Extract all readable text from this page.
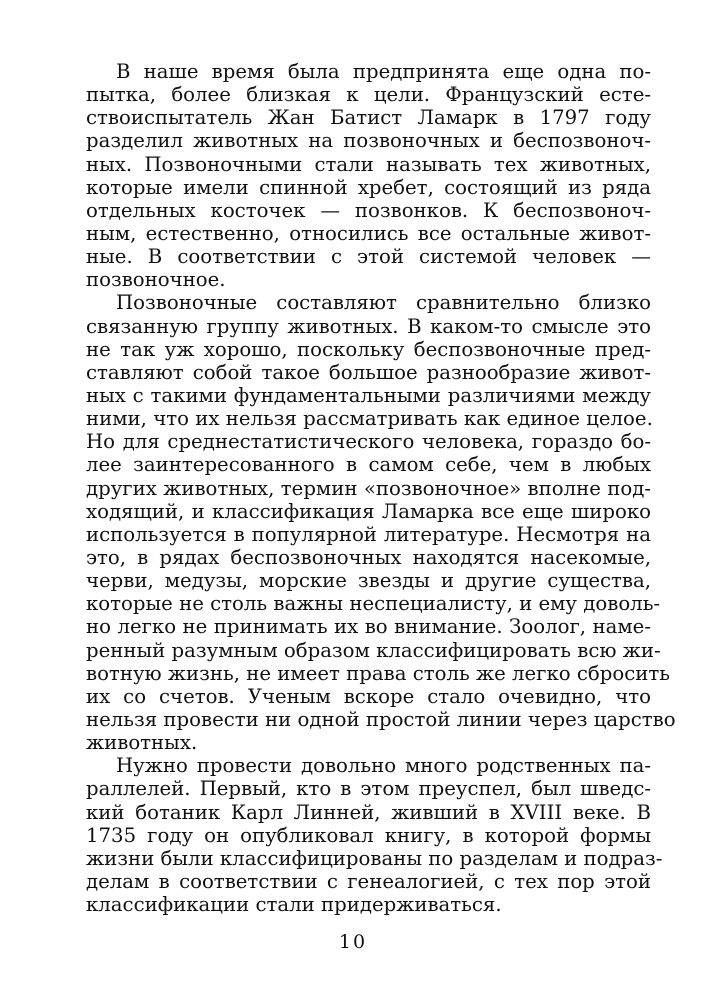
В наше время была предпринята еще одна по-
пытка, более близкая к цели. Французский есте-
ствоиспытатель Жан Батист Ламарк в 1797 году
разделил животных на позвоночных и беспозвоноч-
ных. Позвоночными стали называть тех животных,
которые имели спинной хребет, состоящий из ряда
отдельных косточек — позвонков. К беспозвоноч-
ным, естественно, относились все остальные живот-
ные. В соответствии с этой системой человек —
позвоночное.

Позвоночные составляют сравнительно близко
связанную группу животных. В каком-то смысле это
не так уж хорошо, поскольку беспозвоночные пред-
ставляют собой такое большое разнообразие живот-
ных с такими фундаментальными различиями между
ними, что их нельзя рассматривать как единое целое.
Но для среднестатистического человека, гораздо бо-
лее заинтересованного в самом себе, чем в любых
других животных, термин «позвоночное» вполне под-
ходящий, и классификация Ламарка все еще широко
используется в популярной литературе. Несмотря на
это, в рядах беспозвоночных находятся насекомые,
черви, медузы, морские звезды и другие существа,
которые не столь важны неспециалисту, и ему доволь-
но легко не принимать их во внимание. Зоолог, наме-
ренный разумным образом классифицировать всю жи-
вотную жизнь, не имеет права столь же легко сбросить
их со счетов. Ученым вскоре стало очевидно, что
нельзя провести ни одной простой линии через царство
животных.

Нужно провести довольно много родственных па-
раллелей. Первый, кто в этом преуспел, был шведс-
кий ботаник Карл Линней, живший в XVIII веке. В
1735 году он опубликовал книгу, в которой формы
жизни были классифицированы по разделам и подраз-
делам в соответствии с генеалогией, с тех пор этой
классификации стали придерживаться.

10
